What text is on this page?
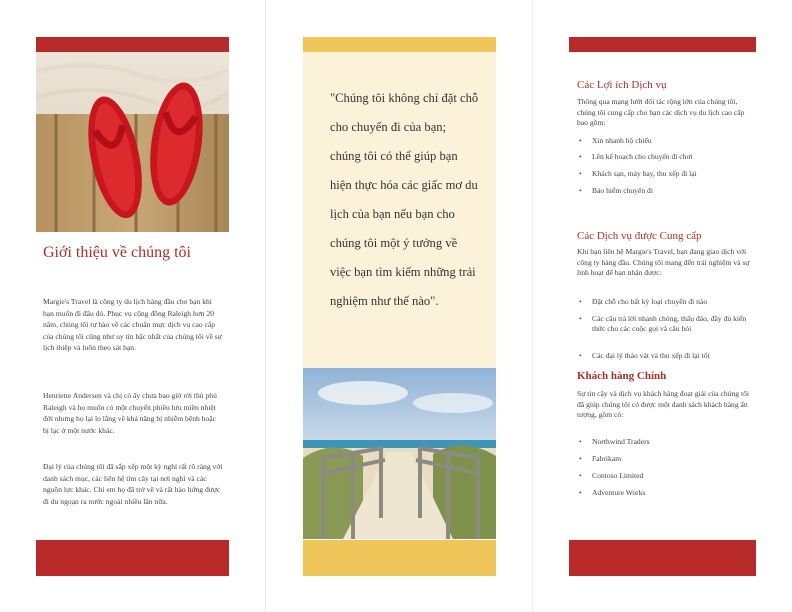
Giới thiệu về chúng tôi

Margie's Travel là công ty du lịch hàng đầu cho bạn khi bạn muốn đi đâu đó. Phục vụ cộng đồng Raleigh hơn 20 năm, chúng tôi tự hào về các chuẩn mực dịch vụ cao cấp của chúng tôi cũng như uy tín bậc nhất của chúng tôi về sự lịch thiệp và luôn theo sát bạn.

Henriette Andersen và chị có ấy chưa bao giờ rời thủ phủ Raleigh và họ muốn có một chuyến phiêu lưu miền nhiệt đới nhưng họ lại lo lắng về khả năng bị nhiễm bệnh hoặc bị lạc ở một nước khác.

Đại lý của chúng tôi đã sắp xếp một kỳ nghỉ rất rõ ràng với danh sách mục, các liên hệ tìm cây tại nơi nghỉ và các nguồn lực khác. Chỉ em họ đã trở về và rất hào hứng được đi du ngoạn ra nước ngoài nhiều lần nữa.

"Chúng tôi không chỉ đặt chỗ cho chuyến đi của bạn;
chúng tôi có thể giúp bạn hiện thực hóa các giấc mơ du lịch của bạn nếu bạn cho chúng tôi một ý tưởng về việc bạn tìm kiếm những trải nghiệm như thế nào".

Các Lợi ích Dịch vụ

Thông qua mạng lưới đối tác rộng lớn của chúng tôi, chúng tôi cung cấp cho bạn các dịch vụ du lịch cao cấp bao gồm:

• Xin nhanh hộ chiếu
• Lên kế hoạch cho chuyến đi chơi
• Khách sạn, máy bay, thu xếp đi lại
• Bảo hiểm chuyến đi
Các Dịch vụ được Cung cấp

Khi bạn liên hệ Margie's Travel, bạn đang giao dịch với công ty hàng đầu. Chúng tôi mang đến trải nghiệm và sự linh hoạt để bạn nhận được:

• Đặt chỗ cho bất kỳ loại chuyến đi nào
• Các câu trả lời nhanh chóng, thấu đáo, đầy đủ kiến thức cho các cuộc gọi và câu hỏi
• Các đại lý thảo vát và thu xếp đi lại tốt
Khách hàng Chính

Sự tin cậy và dịch vụ khách hàng đoạt giải của chúng tôi đã giúp chúng tôi có được một danh sách khách hàng ấn tượng, gồm có:

• Northwind Traders
• Fabrikam
• Contoso Limited
• Adventure Works
